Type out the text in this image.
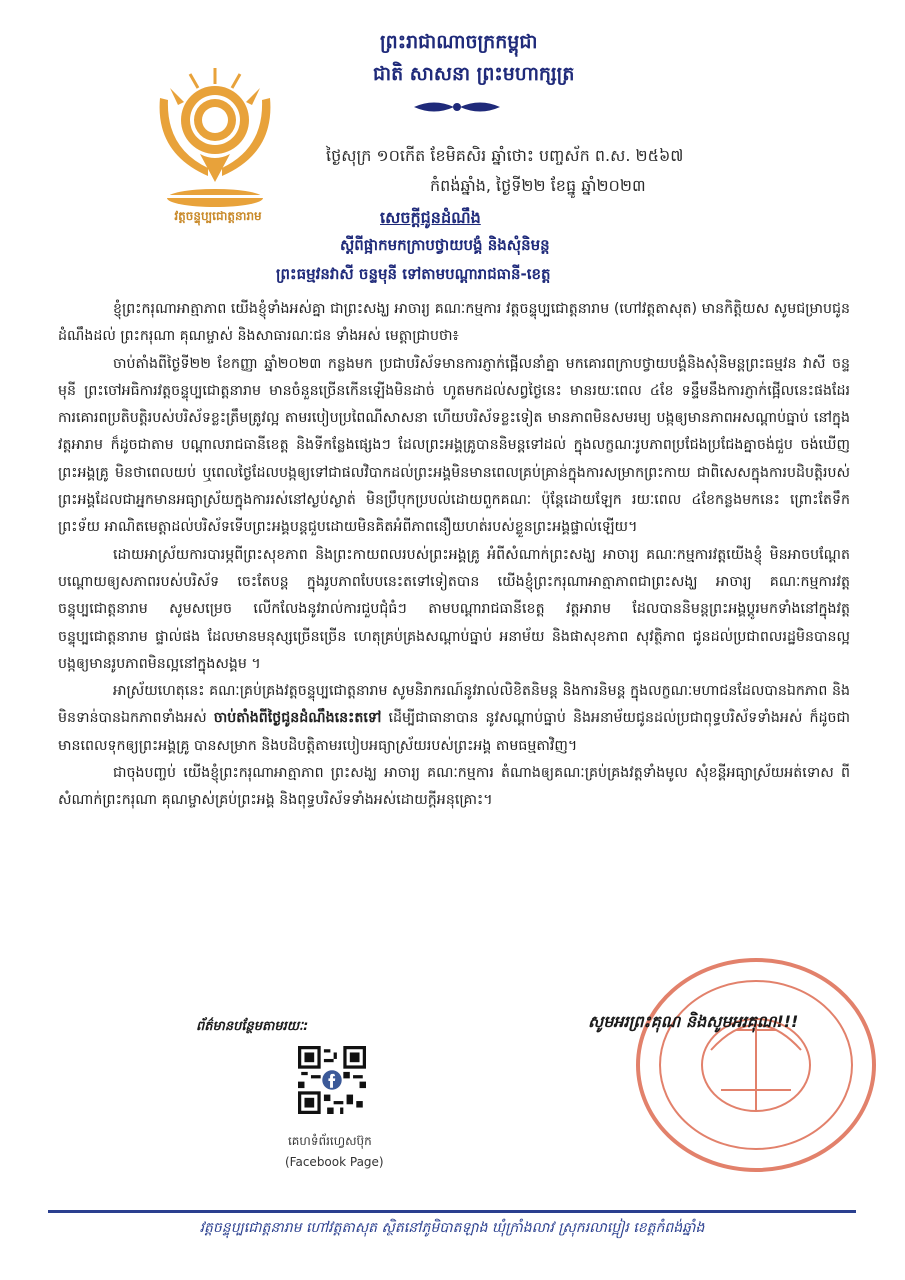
វត្តចន្ទុប្បជោត្តនារាម
ព្រះរាជាណាចក្រកម្ពុជា
ជាតិ សាសនា ព្រះមហាក្សត្រ
ថ្ងៃសុក្រ ១០កើត ខែមិគសិរ ឆ្នាំថោះ បញ្ចស័ក ព.ស. ២៥៦៧
កំពង់ឆ្នាំង, ថ្ងៃទី២២ ខែធ្នូ ឆ្នាំ២០២៣
សេចក្ដីជូនដំណឹង
ស្ដីពីផ្អាកមកក្រាបថ្វាយបង្គំ និងសុំនិមន្ត
ព្រះធម្មវនវាសី ចន្ទមុនី ទៅតាមបណ្ដារាជធានី-ខេត្ត

ខ្ញុំព្រះករុណាអាត្មាភាព យើងខ្ញុំទាំងអស់គ្នា ជាព្រះសង្ឃ អាចារ្យ គណៈកម្មការ វត្តចន្ទុប្បជោត្តនារាម (ហៅវត្តតាសុត) មានកិត្តិយស សូមជម្រាបជូនដំណឹងដល់ ព្រះករុណា គុណម្ចាស់ និងសាធារណៈជន ទាំងអស់ មេត្តាជ្រាបថា៖

ចាប់តាំងពីថ្ងៃទី២២ ខែកញ្ញា ឆ្នាំ២០២៣ កន្លងមក ប្រជាបរិស័ទមានការភ្ញាក់ផ្អើលនាំគ្នា មកគោរពក្រាបថ្វាយបង្គំនិងសុំនិមន្តព្រះធម្មវន វាសី ចន្ទមុនី ព្រះចៅអធិការវត្តចន្ទុប្បជោត្តនារាម មានចំនួនច្រើនកើនឡើងមិនដាច់ ហូតមកដល់សព្វថ្ងៃនេះ មានរយៈពេល ៤ខែ ទន្ទឹមនឹងការភ្ញាក់ផ្អើលនេះផងដែរ ការគោរពប្រតិបត្តិរបស់បរិស័ទខ្លះត្រឹមត្រូវល្អ តាមរបៀបប្រពៃណីសាសនា ហើយបរិស័ទខ្លះទៀត មានភាពមិនសមរម្យ បង្កឲ្យមានភាពអសណ្ដាប់ធ្នាប់ នៅក្នុងវត្តអារាម ក៏ដូចជាតាម បណ្ដាលរាជធានីខេត្ត និងទីកន្លែងផ្សេងៗ ដែលព្រះអង្គគ្រូបាននិមន្តទៅដល់ ក្នុងលក្ខណៈរូបភាពប្រជែងប្រជែងគ្នាចង់ជួប ចង់ឃើញព្រះអង្គគ្រូ មិនថាពេលយប់ ឬពេលថ្ងៃដែលបង្កឲ្យទៅជាផលវិបាកដល់ព្រះអង្គមិនមានពេលគ្រប់គ្រាន់ក្នុងការសម្រាកព្រះកាយ ជាពិសេសក្នុងការបដិបត្តិរបស់ព្រះអង្គដែលជាអ្នកមានអធ្យាស្រ័យក្នុងការរស់នៅស្ងប់ស្ងាត់ មិនប្រឹបុកប្របល់ដោយពួកគណៈ ប៉ុន្តែដោយឡែក រយៈពេល ៤ខែកន្លងមកនេះ ព្រោះតែទឹកព្រះទ័យ អាណិតមេត្តាដល់បរិស័ទទើបព្រះអង្គបន្តជួបដោយមិនគិតអំពីភាពនឿយហត់របស់ខ្លួនព្រះអង្គផ្ទាល់ឡើយ។

ដោយអាស្រ័យការបារម្ភពីព្រះសុខភាព និងព្រះកាយពលរបស់ព្រះអង្គគ្រូ អំពីសំណាក់ព្រះសង្ឃ អាចារ្យ គណៈកម្មការវត្តយើងខ្ញុំ មិនអាចបណ្ដែតបណ្ដោយឲ្យសភាពរបស់បរិស័ទ ចេះតែបន្ត ក្នុងរូបភាពបែបនេះតទៅទៀតបាន យើងខ្ញុំព្រះករុណាអាត្មាភាពជាព្រះសង្ឃ អាចារ្យ គណៈកម្មការវត្តចន្ទុប្បជោត្តនារាម សូមសម្រេច លើកលែងនូវរាល់ការជួបជុំធំៗ តាមបណ្ដារាជធានីខេត្ត វត្តអារាម ដែលបាននិមន្តព្រះអង្គប្តូរមកទាំងនៅក្នុងវត្ត ចន្ទុប្បជោត្តនារាម ផ្ទាល់ផង ដែលមានមនុស្សច្រើនច្រើន ហេតុគ្រប់គ្រងសណ្ដាប់ធ្នាប់ អនាម័យ និងផាសុខភាព សុវត្ថិភាព ជូនដល់ប្រជាពលរដ្ឋមិនបានល្អ បង្កឲ្យមានរូបភាពមិនល្អនៅក្នុងសង្គម ។

អាស្រ័យហេតុនេះ គណៈគ្រប់គ្រងវត្តចន្ទុប្បជោត្តនារាម សូមនិរាករណ៍នូវរាល់លិខិតនិមន្ត និងការនិមន្ត ក្នុងលក្ខណៈមហាជនដែលបានឯកភាព និងមិនទាន់បានឯកភាពទាំងអស់ ចាប់តាំងពីថ្ងៃជូនដំណឹងនេះតទៅ ដើម្បីជាធានាបាន នូវសណ្ដាប់ធ្នាប់ និងអនាម័យជូនដល់ប្រជាពុទ្ធបរិស័ទទាំងអស់ ក៏ដូចជា មានពេលទុកឲ្យព្រះអង្គគ្រូ បានសម្រាក និងបដិបត្តិតាមរបៀបអធ្យាស្រ័យរបស់ព្រះអង្គ តាមធម្មតាវិញ។

ជាចុងបញ្ចប់ យើងខ្ញុំព្រះករុណាអាត្មាភាព ព្រះសង្ឃ អាចារ្យ គណៈកម្មការ តំណាងឲ្យគណៈគ្រប់គ្រងវត្តទាំងមូល សុំខន្តីអធ្យាស្រ័យអត់ទោស ពីសំណាក់ព្រះករុណា គុណម្ចាស់គ្រប់ព្រះអង្គ និងពុទ្ធបរិស័ទទាំងអស់ដោយក្ដីអនុគ្រោះ។

សូមអរព្រះគុណ និងសូមអរគុណ!!!
ព័ត៌មានបន្ថែមតាមរយៈ:
គេហទំព័រហ្វេសប៊ុក
(Facebook Page)
វត្តចន្ទុប្បជោត្តនារាម ហៅវត្តតាសុត ស្ថិតនៅភូមិបាតឡាង ឃុំក្រាំងលាវ ស្រុករលាប្អៀរ ខេត្តកំពង់ឆ្នាំង
